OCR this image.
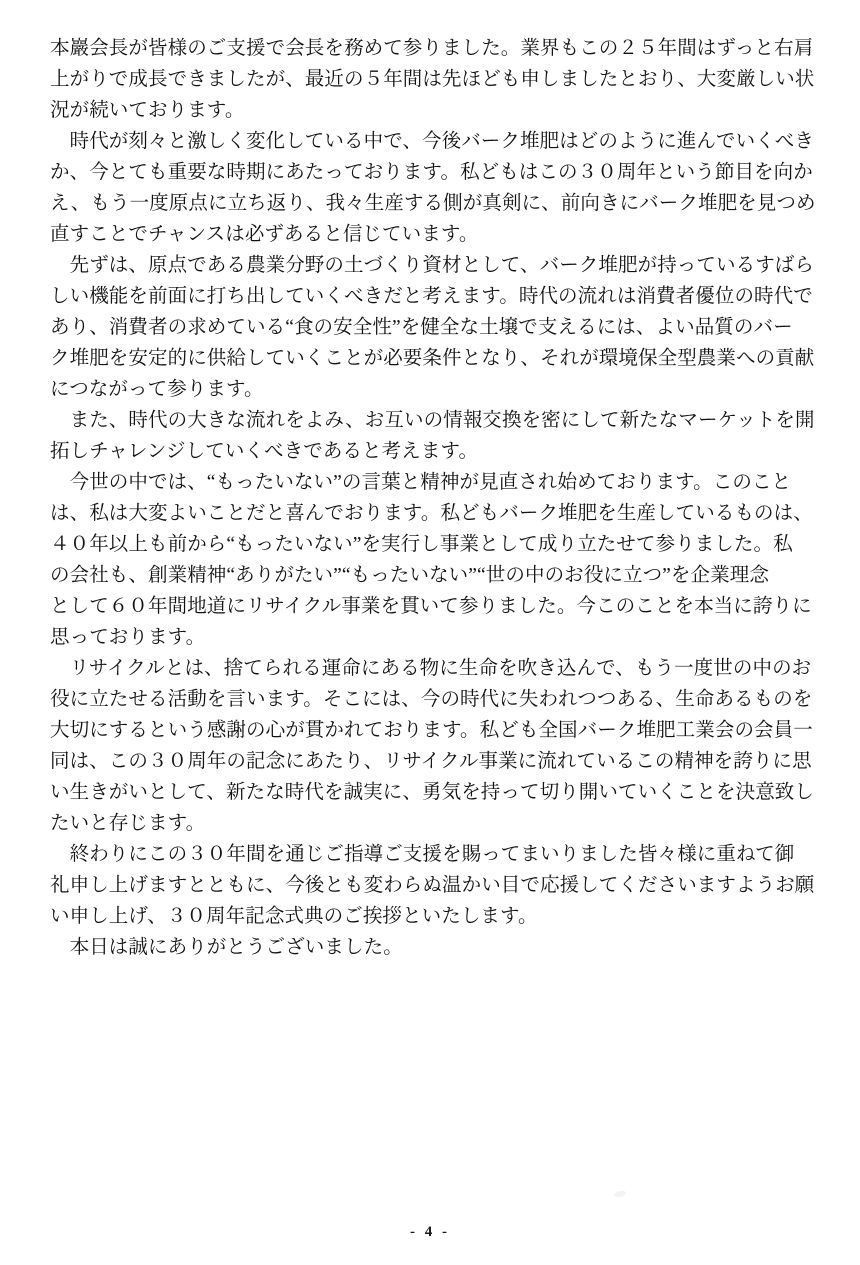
本巖会長が皆様のご支援で会長を務めて参りました。業界もこの２５年間はずっと右肩
上がりで成長できましたが、最近の５年間は先ほども申しましたとおり、大変厳しい状
況が続いております。
　時代が刻々と激しく変化している中で、今後バーク堆肥はどのように進んでいくべき
か、今とても重要な時期にあたっております。私どもはこの３０周年という節目を向か
え、もう一度原点に立ち返り、我々生産する側が真剣に、前向きにバーク堆肥を見つめ
直すことでチャンスは必ずあると信じています。
　先ずは、原点である農業分野の土づくり資材として、バーク堆肥が持っているすばら
しい機能を前面に打ち出していくべきだと考えます。時代の流れは消費者優位の時代で
あり、消費者の求めている“食の安全性”を健全な土壌で支えるには、よい品質のバー
ク堆肥を安定的に供給していくことが必要条件となり、それが環境保全型農業への貢献
につながって参ります。
　また、時代の大きな流れをよみ、お互いの情報交換を密にして新たなマーケットを開
拓しチャレンジしていくべきであると考えます。
　今世の中では、“もったいない”の言葉と精神が見直され始めております。このこと
は、私は大変よいことだと喜んでおります。私どもバーク堆肥を生産しているものは、
４０年以上も前から“もったいない”を実行し事業として成り立たせて参りました。私
の会社も、創業精神“ありがたい”“もったいない”“世の中のお役に立つ”を企業理念
として６０年間地道にリサイクル事業を貫いて参りました。今このことを本当に誇りに
思っております。
　リサイクルとは、捨てられる運命にある物に生命を吹き込んで、もう一度世の中のお
役に立たせる活動を言います。そこには、今の時代に失われつつある、生命あるものを
大切にするという感謝の心が貫かれております。私ども全国バーク堆肥工業会の会員一
同は、この３０周年の記念にあたり、リサイクル事業に流れているこの精神を誇りに思
い生きがいとして、新たな時代を誠実に、勇気を持って切り開いていくことを決意致し
たいと存じます。
　終わりにこの３０年間を通じご指導ご支援を賜ってまいりました皆々様に重ねて御
礼申し上げますとともに、今後とも変わらぬ温かい目で応援してくださいますようお願
い申し上げ、３０周年記念式典のご挨拶といたします。
　本日は誠にありがとうございました。
- 4 -
